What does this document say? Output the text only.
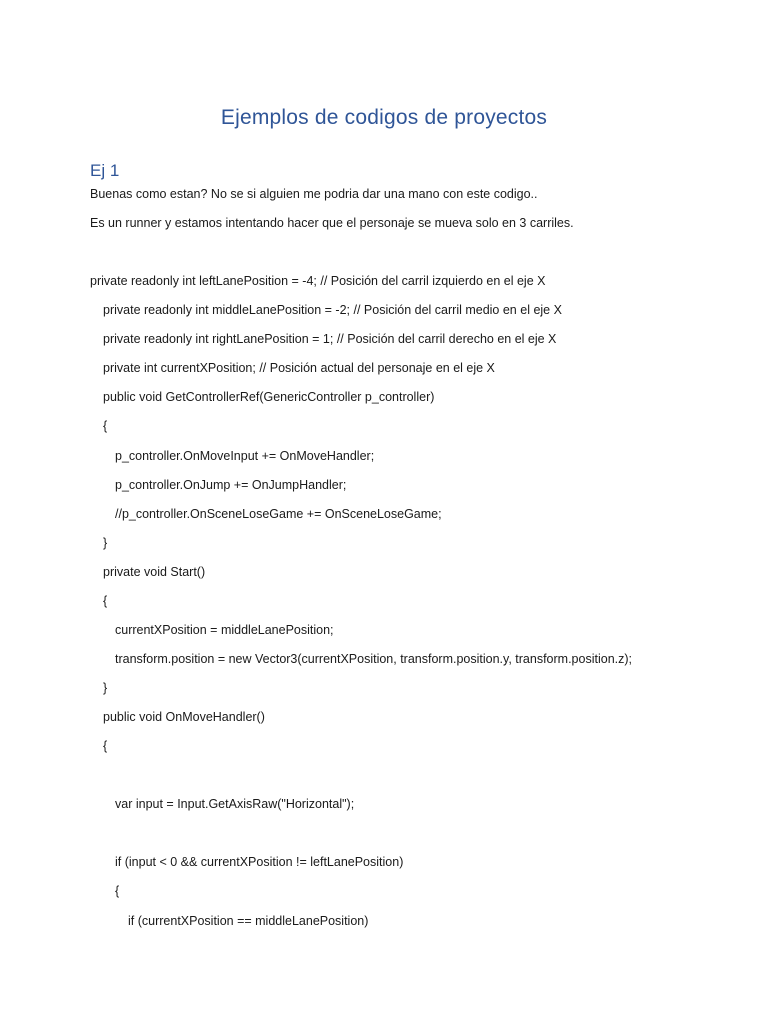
Ejemplos de codigos de proyectos
Ej 1

Buenas como estan? No se si alguien me podria dar una mano con este codigo..

Es un runner y estamos intentando hacer que el personaje se mueva solo en 3 carriles.

private readonly int leftLanePosition = -4; // Posición del carril izquierdo en el eje X

private readonly int middleLanePosition = -2; // Posición del carril medio en el eje X

private readonly int rightLanePosition = 1; // Posición del carril derecho en el eje X

private int currentXPosition; // Posición actual del personaje en el eje X

public void GetControllerRef(GenericController p_controller)

{

p_controller.OnMoveInput += OnMoveHandler;

p_controller.OnJump += OnJumpHandler;

//p_controller.OnSceneLoseGame += OnSceneLoseGame;

}

private void Start()

{

currentXPosition = middleLanePosition;

transform.position = new Vector3(currentXPosition, transform.position.y, transform.position.z);

}

public void OnMoveHandler()

{

var input = Input.GetAxisRaw("Horizontal");

if (input < 0 && currentXPosition != leftLanePosition)

{

if (currentXPosition == middleLanePosition)
